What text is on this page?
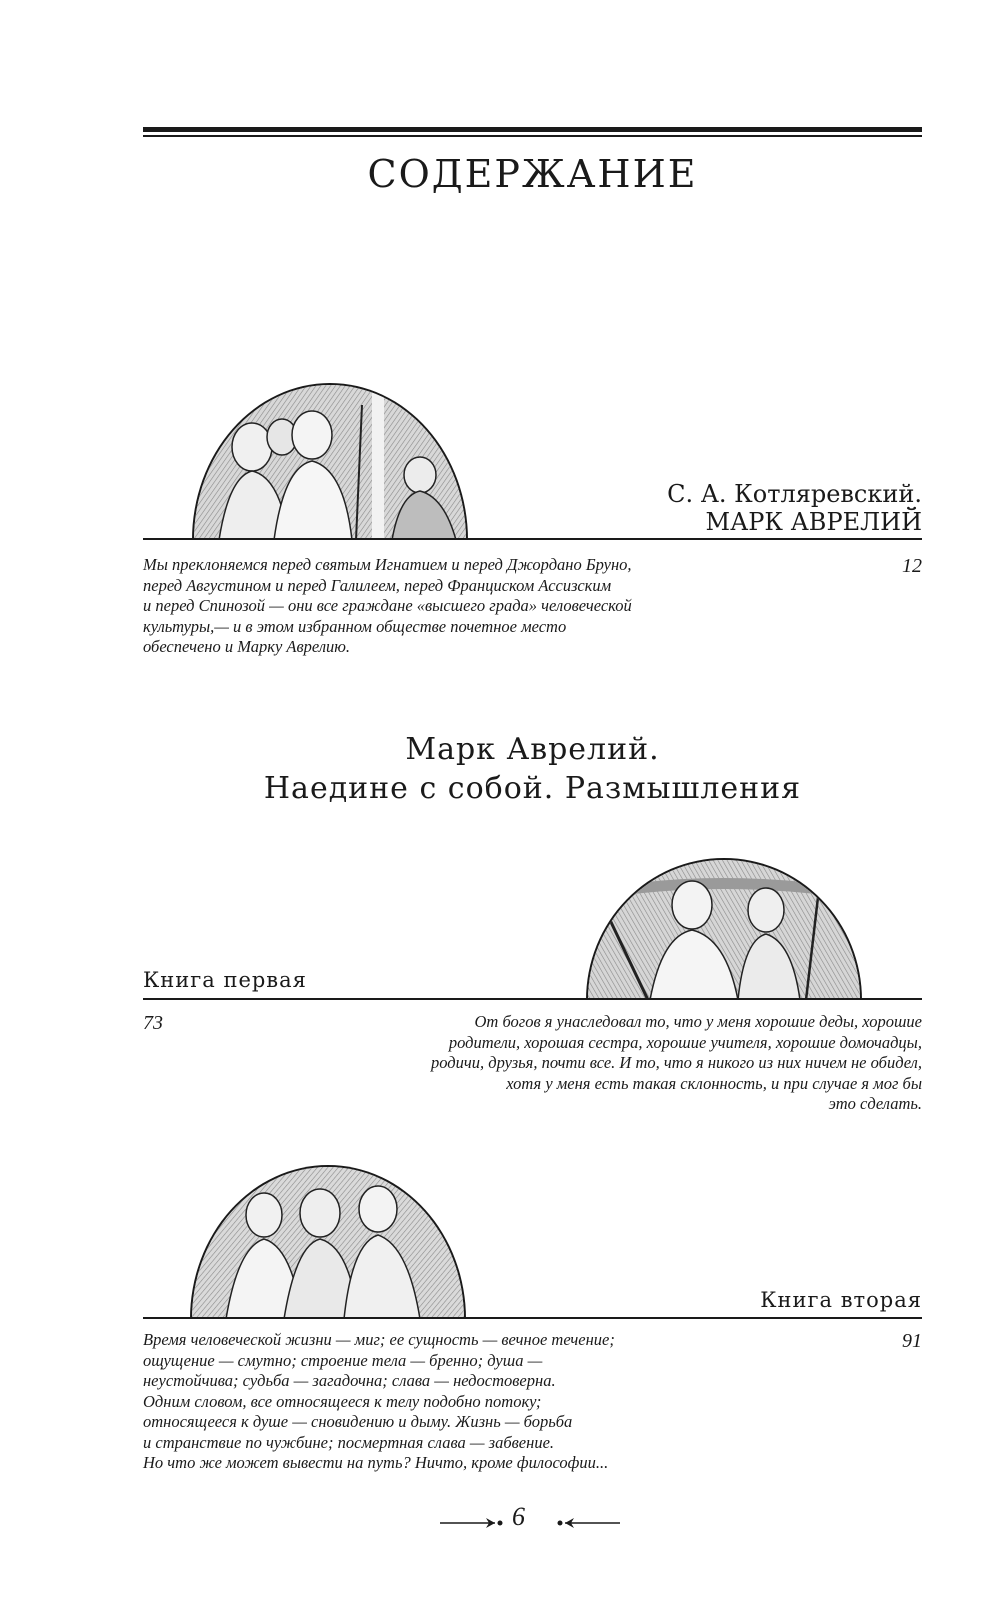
СОДЕРЖАНИЕ
С. А. Котляревский.
МАРК АВРЕЛИЙ
12
Мы преклоняемся перед святым Игнатием и перед Джордано Бруно,
перед Августином и перед Галилеем, перед Франциском Ассизским
и перед Спинозой — они все граждане «высшего града» человеческой
культуры,— и в этом избранном обществе почетное место
обеспечено и Марку Аврелию.
Марк Аврелий.
Наедине с собой. Размышления
Книга первая
73	От богов я унаследовал то, что у меня хорошие деды, хорошие
родители, хорошая сестра, хорошие учителя, хорошие домочадцы,
родичи, друзья, почти все. И то, что я никого из них ничем не обидел,
хотя у меня есть такая склонность, и при случае я мог бы
это сделать.
Книга вторая
91
Время человеческой жизни — миг; ее сущность — вечное течение;
ощущение — смутно; строение тела — бренно; душа —
неустойчива; судьба — загадочна; слава — недостоверна.
Одним словом, все относящееся к телу подобно потоку;
относящееся к душе — сновидению и дыму. Жизнь — борьба
и странствие по чужбине; посмертная слава — забвение.
Но что же может вывести на путь? Ничто, кроме философии...
6
